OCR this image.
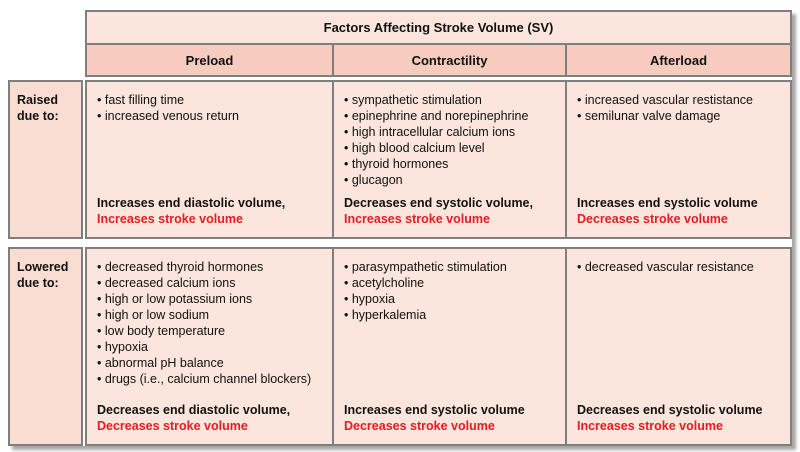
Factors Affecting Stroke Volume (SV)
Preload	Contractility	Afterload
Raised due to:
• fast filling time
• increased venous return
Increases end diastolic volume,
Increases stroke volume
• sympathetic stimulation
• epinephrine and norepinephrine
• high intracellular calcium ions
• high blood calcium level
• thyroid hormones
• glucagon
Decreases end systolic volume,
Increases stroke volume
• increased vascular restistance
• semilunar valve damage
Increases end systolic volume
Decreases stroke volume
Lowered due to:
• decreased thyroid hormones
• decreased calcium ions
• high or low potassium ions
• high or low sodium
• low body temperature
• hypoxia
• abnormal pH balance
• drugs (i.e., calcium channel blockers)
Decreases end diastolic volume,
Decreases stroke volume
• parasympathetic stimulation
• acetylcholine
• hypoxia
• hyperkalemia
Increases end systolic volume
Decreases stroke volume
• decreased vascular resistance
Decreases end systolic volume
Increases stroke volume
